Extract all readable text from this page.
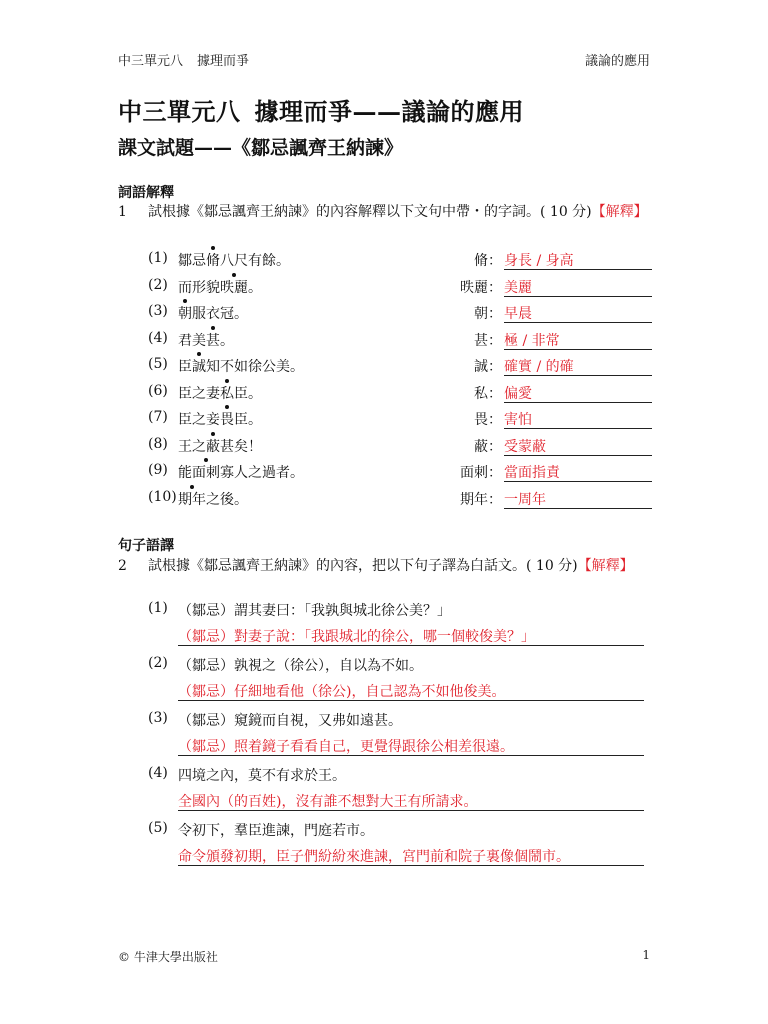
中三單元八 據理而爭	議論的應用
中三單元八 據理而爭——議論的應用
課文試題——《鄒忌諷齊王納諫》
詞語解釋
1 試根據《鄒忌諷齊王納諫》的內容解釋以下文句中帶・的字詞。( 10 分)【解釋】
(1) 鄒忌脩八尺有餘。	脩： 身長 / 身高
(2) 而形貌昳麗。	昳麗： 美麗
(3) 朝服衣冠。	朝： 早晨
(4) 君美甚。	甚： 極 / 非常
(5) 臣誠知不如徐公美。	誠： 確實 / 的確
(6) 臣之妻私臣。	私： 偏愛
(7) 臣之妾畏臣。	畏： 害怕
(8) 王之蔽甚矣！	蔽： 受蒙蔽
(9) 能面刺寡人之過者。	面刺： 當面指責
(10) 期年之後。	期年： 一周年
句子語譯
2 試根據《鄒忌諷齊王納諫》的內容，把以下句子譯為白話文。( 10 分)【解釋】
(1) （鄒忌）謂其妻曰：「我孰與城北徐公美？」
（鄒忌）對妻子說：「我跟城北的徐公，哪一個較俊美？」
(2) （鄒忌）孰視之（徐公），自以為不如。
（鄒忌）仔細地看他（徐公)，自己認為不如他俊美。
(3) （鄒忌）窺鏡而自視，又弗如遠甚。
（鄒忌）照着鏡子看看自己，更覺得跟徐公相差很遠。
(4) 四境之內，莫不有求於王。
全國內（的百姓)，沒有誰不想對大王有所請求。
(5) 令初下，羣臣進諫，門庭若市。
命令頒發初期，臣子們紛紛來進諫，宮門前和院子裏像個鬧市。
© 牛津大學出版社	1
